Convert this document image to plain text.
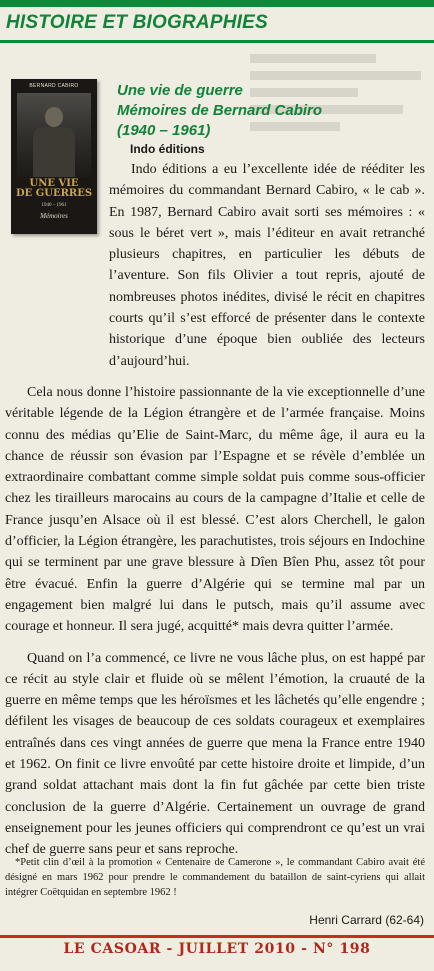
HISTOIRE ET BIOGRAPHIES
BERNARD CABIRO
UNE VIE
DE GUERRES
1940 – 1961
Mémoires
Une vie de guerre
Mémoires de Bernard Cabiro
(1940 – 1961)
Indo éditions

Indo éditions a eu l’excellente idée de rééditer les mémoires du commandant Bernard Cabiro, « le cab ». En 1987, Bernard Cabiro avait sorti ses mémoires : « sous le béret vert », mais l’éditeur en avait retranché plusieurs chapitres, en particulier les débuts de l’aventure. Son fils Olivier a tout repris, ajouté de nombreuses photos inédites, divisé le récit en chapitres courts qu’il s’est efforcé de présenter dans le contexte historique d’une époque bien oubliée des lecteurs d’aujourd’hui.

Cela nous donne l’histoire passionnante de la vie exceptionnelle d’une véritable légende de la Légion étrangère et de l’armée française. Moins connu des médias qu’Elie de Saint-Marc, du même âge, il aura eu la chance de réussir son évasion par l’Espagne et se révèle d’emblée un extraordinaire combattant comme simple soldat puis comme sous-officier chez les tirailleurs marocains au cours de la campagne d’Italie et celle de France jusqu’en Alsace où il est blessé. C’est alors Cherchell, le galon d’officier, la Légion étrangère, les parachutistes, trois séjours en Indochine qui se terminent par une grave blessure à Dîen Bîen Phu, assez tôt pour être évacué. Enfin la guerre d’Algérie qui se termine mal par un engagement bien malgré lui dans le putsch, mais qu’il assume avec courage et honneur. Il sera jugé, acquitté* mais devra quitter l’armée.

Quand on l’a commencé, ce livre ne vous lâche plus, on est happé par ce récit au style clair et fluide où se mêlent l’émotion, la cruauté de la guerre en même temps que les héroïsmes et les lâchetés qu’elle engendre ; défilent les visages de beaucoup de ces soldats courageux et exemplaires entraînés dans ces vingt années de guerre que mena la France entre 1940 et 1962. On finit ce livre envoûté par cette histoire droite et limpide, d’un grand soldat attachant mais dont la fin fut gâchée par cette bien triste conclusion de la guerre d’Algérie. Certainement un ouvrage de grand enseignement pour les jeunes officiers qui comprendront ce qu’est un vrai chef de guerre sans peur et sans reproche.

*Petit clin d’œil à la promotion « Centenaire de Camerone », le commandant Cabiro avait été désigné en mars 1962 pour prendre le commandement du bataillon de saint-cyriens qui allait intégrer Coëtquidan en septembre 1962 !
Henri Carrard (62-64)
LE CASOAR - JUILLET 2010 - N° 198
